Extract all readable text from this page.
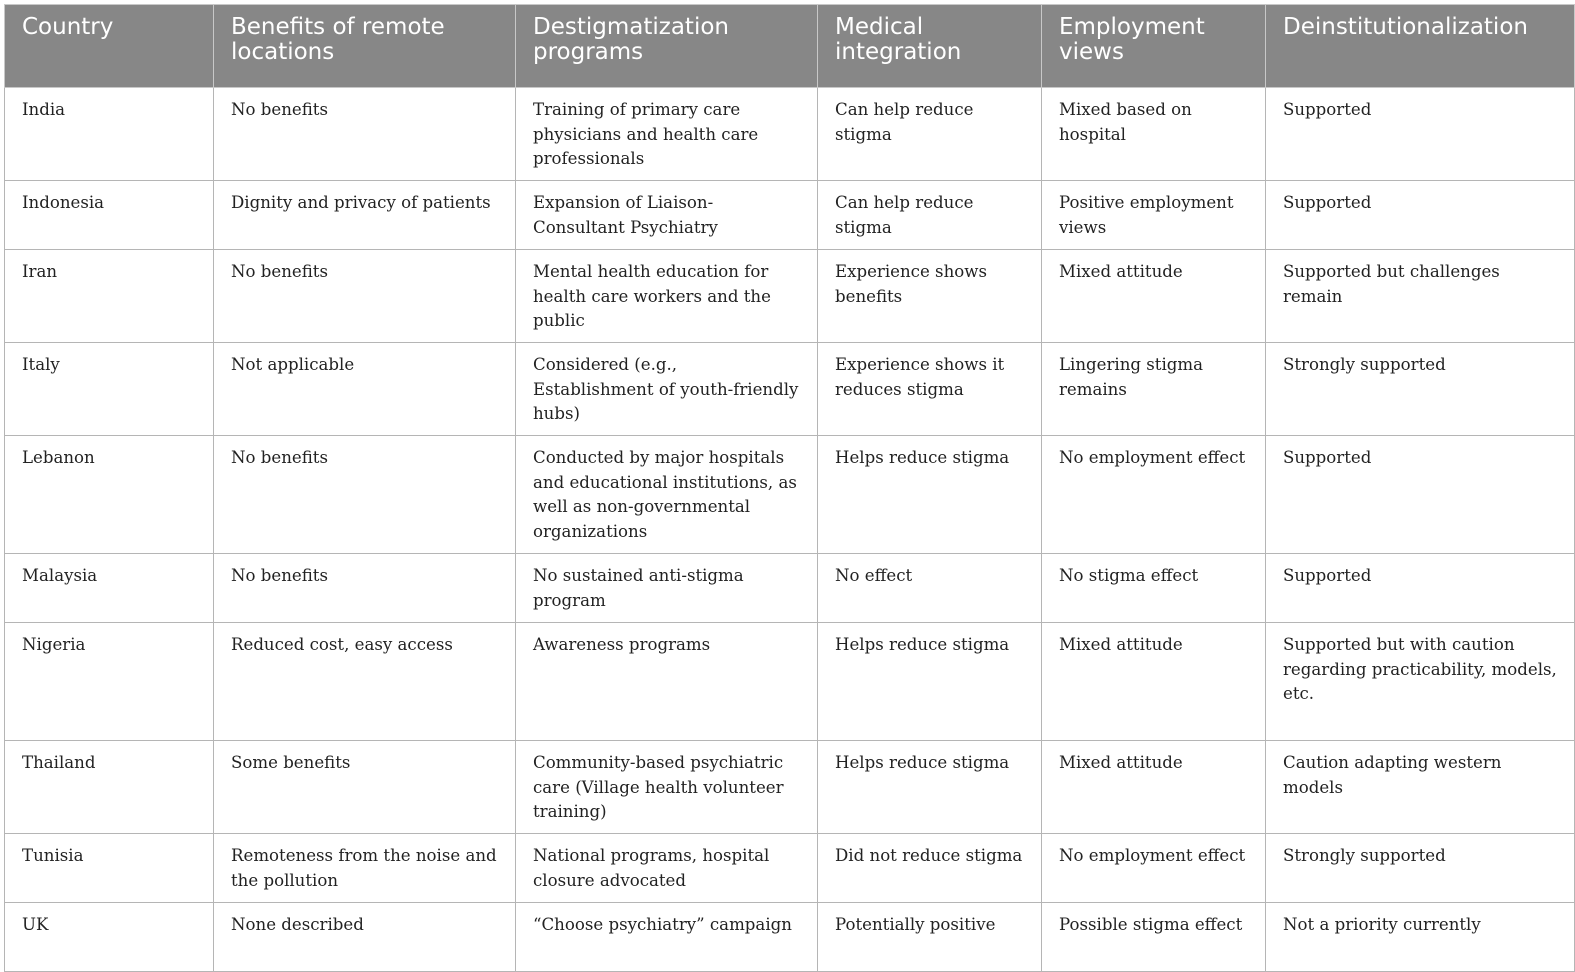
Country	Benefits of remote locations	Destigmatization programs	Medical integration	Employment views	Deinstitutionalization
India	No benefits	Training of primary care physicians and health care professionals	Can help reduce stigma	Mixed based on hospital	Supported
Indonesia	Dignity and privacy of patients	Expansion of Liaison-Consultant Psychiatry	Can help reduce stigma	Positive employment views	Supported
Iran	No benefits	Mental health education for health care workers and the public	Experience shows benefits	Mixed attitude	Supported but challenges remain
Italy	Not applicable	Considered (e.g., Establishment of youth-friendly hubs)	Experience shows it reduces stigma	Lingering stigma remains	Strongly supported
Lebanon	No benefits	Conducted by major hospitals and educational institutions, as well as non-governmental organizations	Helps reduce stigma	No employment effect	Supported
Malaysia	No benefits	No sustained anti-stigma program	No effect	No stigma effect	Supported
Nigeria	Reduced cost, easy access	Awareness programs	Helps reduce stigma	Mixed attitude	Supported but with caution regarding practicability, models, etc.
Thailand	Some benefits	Community-based psychiatric care (Village health volunteer training)	Helps reduce stigma	Mixed attitude	Caution adapting western models
Tunisia	Remoteness from the noise and the pollution	National programs, hospital closure advocated	Did not reduce stigma	No employment effect	Strongly supported
UK	None described	“Choose psychiatry” campaign	Potentially positive	Possible stigma effect	Not a priority currently
